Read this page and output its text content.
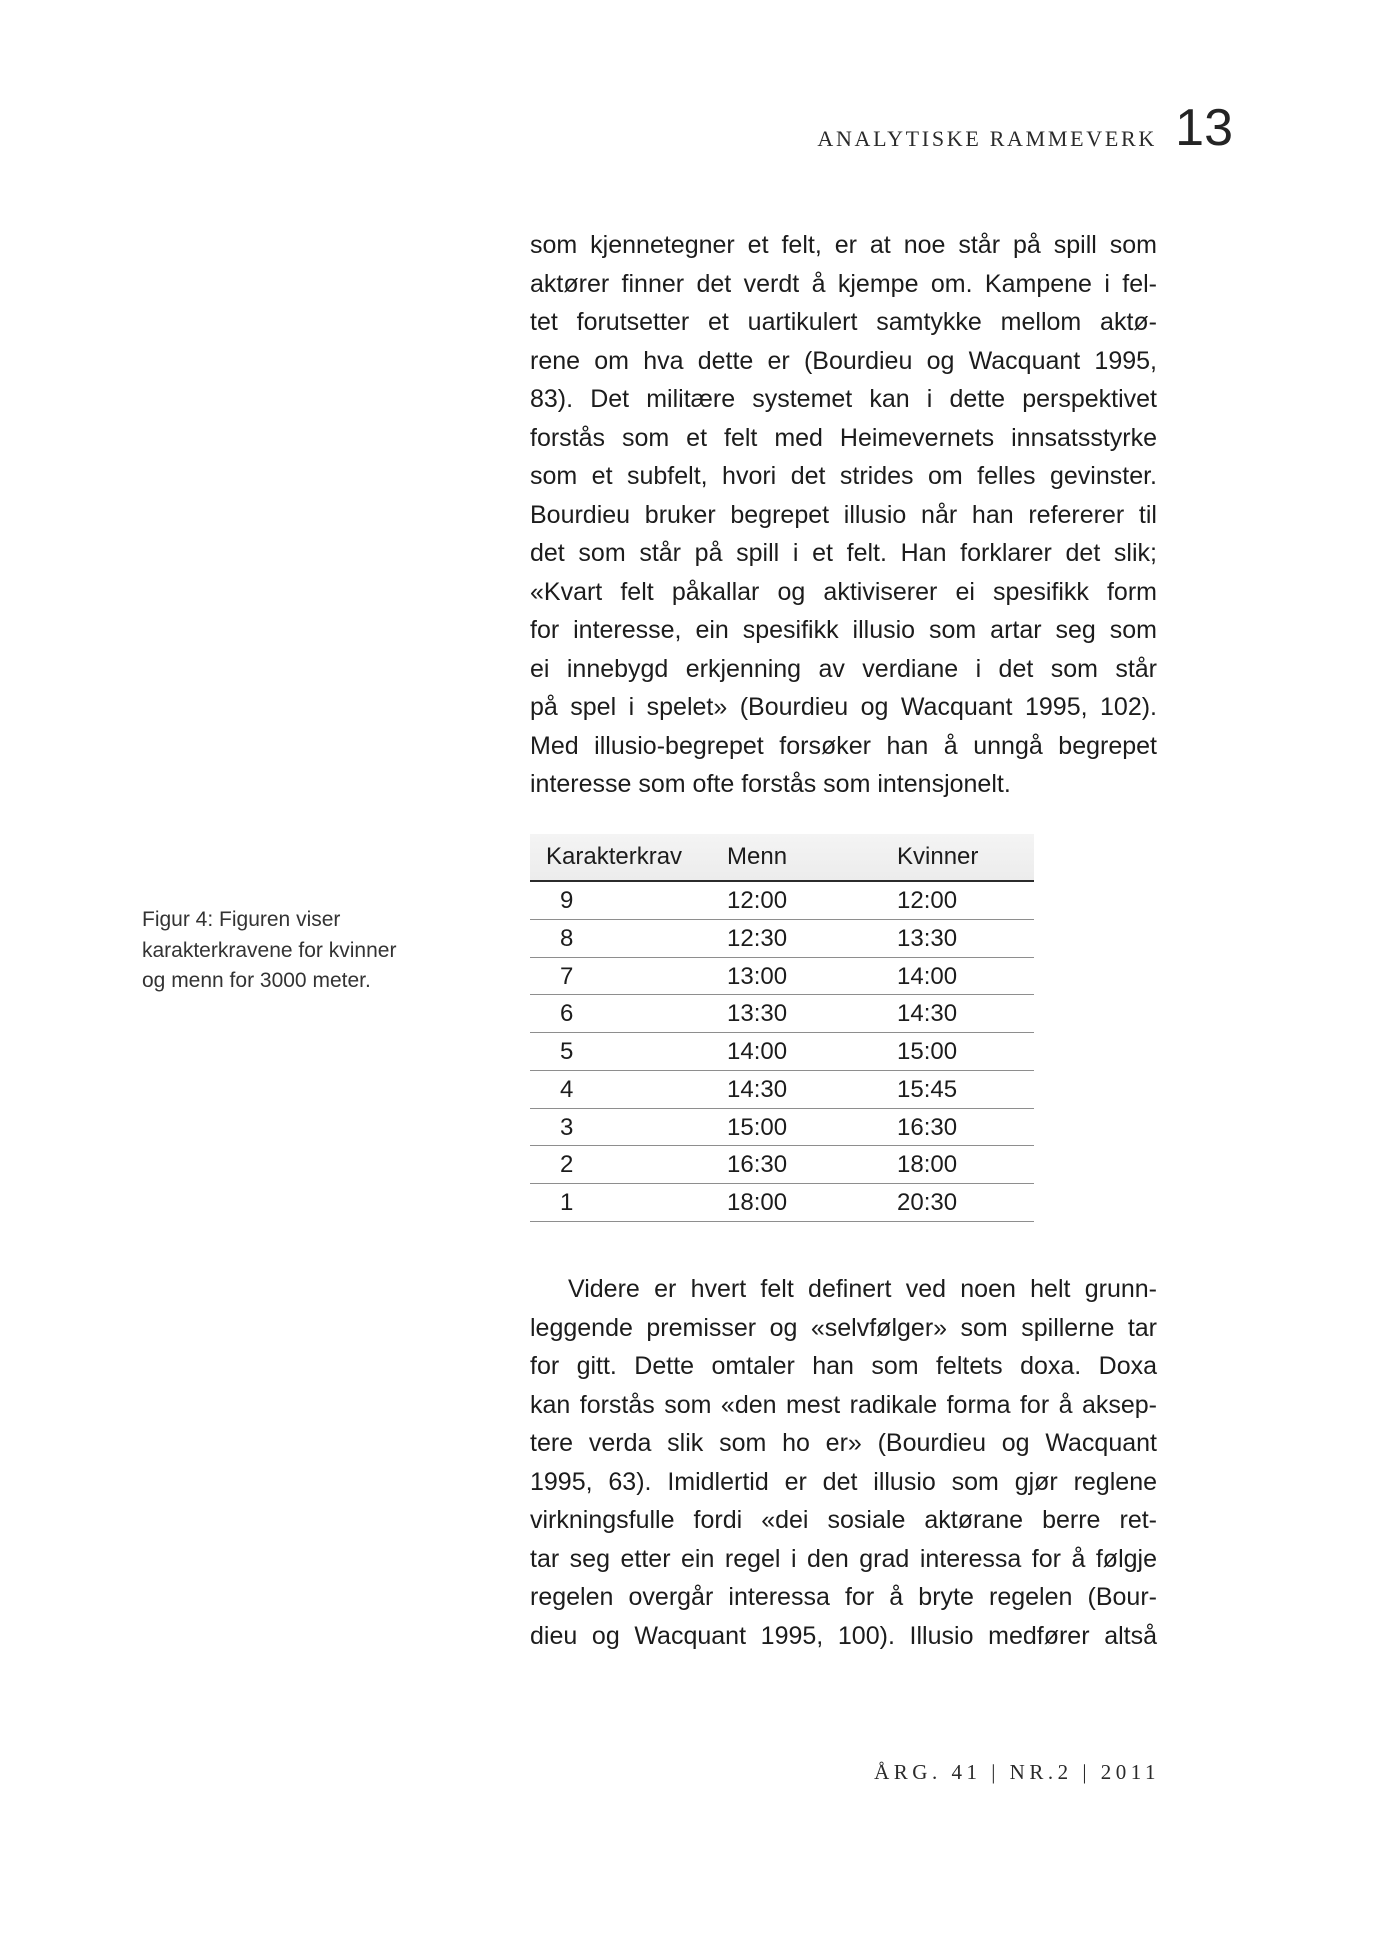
ANALYTISKE RAMMEVERK 13
som kjennetegner et felt, er at noe står på spill som
aktører finner det verdt å kjempe om. Kampene i fel-
tet forutsetter et uartikulert samtykke mellom aktø-
rene om hva dette er (Bourdieu og Wacquant 1995,
83). Det militære systemet kan i dette perspektivet
forstås som et felt med Heimevernets innsatsstyrke
som et subfelt, hvori det strides om felles gevinster.
Bourdieu bruker begrepet illusio når han refererer til
det som står på spill i et felt. Han forklarer det slik;
«Kvart felt påkallar og aktiviserer ei spesifikk form
for interesse, ein spesifikk illusio som artar seg som
ei innebygd erkjenning av verdiane i det som står
på spel i spelet» (Bourdieu og Wacquant 1995, 102).
Med illusio-begrepet forsøker han å unngå begrepet
interesse som ofte forstås som intensjonelt.
Figur 4: Figuren viser
karakterkravene for kvinner
og menn for 3000 meter.
Karakterkrav	Menn	Kvinner
9	12:00	12:00
8	12:30	13:30
7	13:00	14:00
6	13:30	14:30
5	14:00	15:00
4	14:30	15:45
3	15:00	16:30
2	16:30	18:00
1	18:00	20:30
Videre er hvert felt definert ved noen helt grunn-
leggende premisser og «selvfølger» som spillerne tar
for gitt. Dette omtaler han som feltets doxa. Doxa
kan forstås som «den mest radikale forma for å aksep-
tere verda slik som ho er» (Bourdieu og Wacquant
1995, 63). Imidlertid er det illusio som gjør reglene
virkningsfulle fordi «dei sosiale aktørane berre ret-
tar seg etter ein regel i den grad interessa for å følgje
regelen overgår interessa for å bryte regelen (Bour-
dieu og Wacquant 1995, 100). Illusio medfører altså
ÅRG. 41 | NR.2 | 2011
